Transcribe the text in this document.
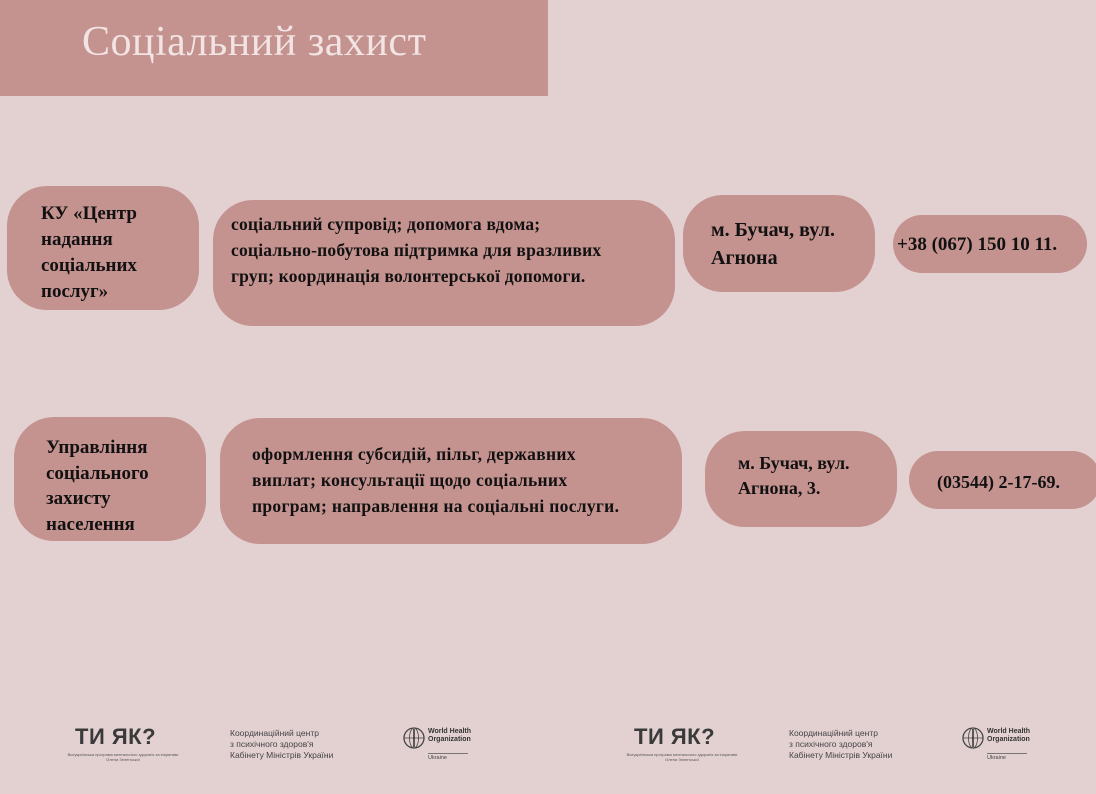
Соціальний захист
КУ «Центр
надання
соціальних
послуг»
соціальний супровід; допомога вдома;
соціально-побутова підтримка для вразливих
груп; координація волонтерської допомоги.
м. Бучач, вул.
Агнона
+38 (067) 150 10 11.
Управління
соціального
захисту
населення
оформлення субсидій, пільг, державних
виплат; консультації щодо соціальних
програм; направлення на соціальні послуги.
м. Бучач, вул.
Агнона, 3.	(03544) 2-17-69.
ТИ ЯК?
Всеукраїнська програма ментального здоров'я за ініціативи Олени Зеленської
Координаційний центр
з психічного здоров'я
Кабінету Міністрів України
World Health
Organization
Ukraine
ТИ ЯК?
Всеукраїнська програма ментального здоров'я за ініціативи Олени Зеленської
Координаційний центр
з психічного здоров'я
Кабінету Міністрів України
World Health
Organization
Ukraine
